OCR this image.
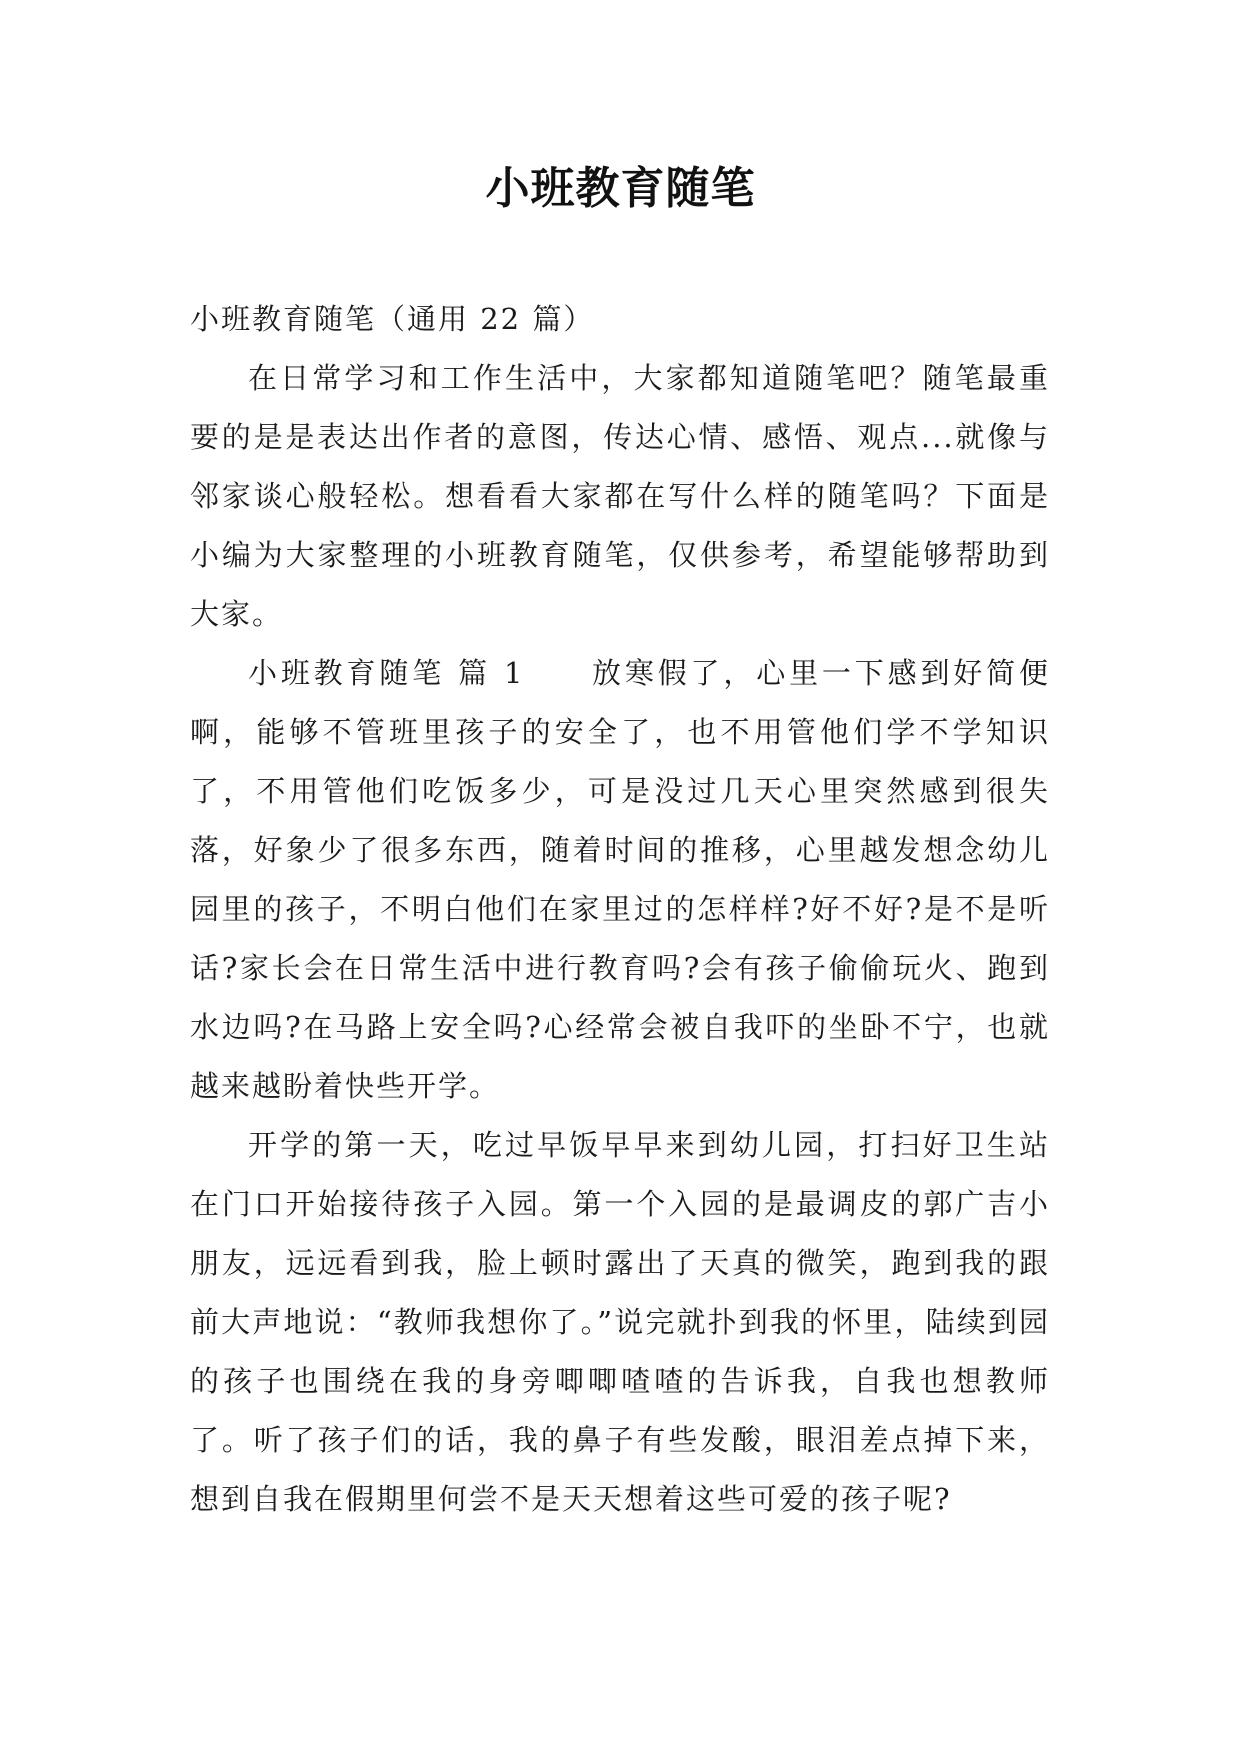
小班教育随笔

小班教育随笔（通用 22 篇）

在日常学习和工作生活中，大家都知道随笔吧？随笔最重要的是是表达出作者的意图，传达心情、感悟、观点...就像与邻家谈心般轻松。想看看大家都在写什么样的随笔吗？下面是小编为大家整理的小班教育随笔，仅供参考，希望能够帮助到大家。

小班教育随笔 篇 1　　 放寒假了，心里一下感到好简便啊，能够不管班里孩子的安全了，也不用管他们学不学知识了，不用管他们吃饭多少，可是没过几天心里突然感到很失落，好象少了很多东西，随着时间的推移，心里越发想念幼儿园里的孩子，不明白他们在家里过的怎样样?好不好?是不是听话?家长会在日常生活中进行教育吗?会有孩子偷偷玩火、跑到水边吗?在马路上安全吗?心经常会被自我吓的坐卧不宁，也就越来越盼着快些开学。

开学的第一天，吃过早饭早早来到幼儿园，打扫好卫生站在门口开始接待孩子入园。第一个入园的是最调皮的郭广吉小朋友，远远看到我，脸上顿时露出了天真的微笑，跑到我的跟前大声地说：“教师我想你了。”说完就扑到我的怀里，陆续到园的孩子也围绕在我的身旁唧唧喳喳的告诉我，自我也想教师了。听了孩子们的话，我的鼻子有些发酸，眼泪差点掉下来，想到自我在假期里何尝不是天天想着这些可爱的孩子呢?
